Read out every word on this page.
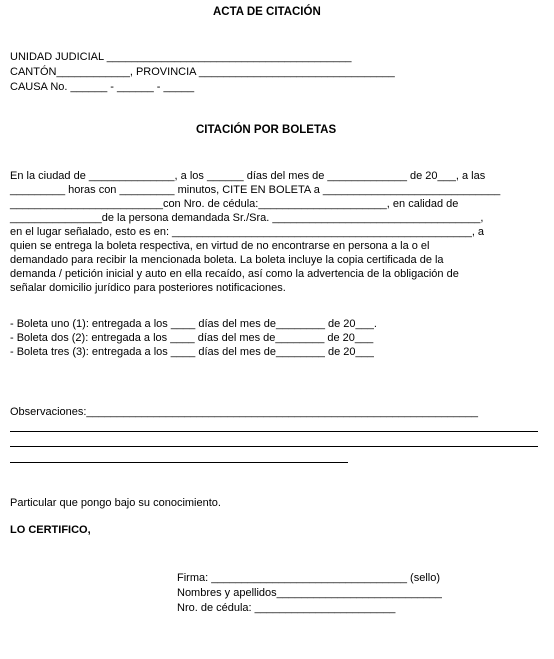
ACTA DE CITACIÓN
UNIDAD JUDICIAL ________________________________________
CANTÓN____________, PROVINCIA ________________________________
CAUSA No. ______ - ______ - _____
CITACIÓN POR BOLETAS
En la ciudad de ______________, a los ______ días del mes de _____________ de 20___, a las
_________ horas con _________ minutos, CITE EN BOLETA a _____________________________
_________________________con Nro. de cédula:_____________________, en calidad de
_______________de la persona demandada Sr./Sra. __________________________________,
en el lugar señalado, esto es en: _________________________________________________, a
quien se entrega la boleta respectiva, en virtud de no encontrarse en persona a la o el
demandado para recibir la mencionada boleta. La boleta incluye la copia certificada de la
demanda / petición inicial y auto en ella recaído, así como la advertencia de la obligación de
señalar domicilio jurídico para posteriores notificaciones.
- Boleta uno (1): entregada a los ____ días del mes de________ de 20___.
- Boleta dos (2): entregada a los ____ días del mes de________ de 20___
- Boleta tres (3): entregada a los ____ días del mes de________ de 20___
Observaciones:________________________________________________________________
Particular que pongo bajo su conocimiento.
LO CERTIFICO,
Firma: ________________________________ (sello)
Nombres y apellidos___________________________
Nro. de cédula: _______________________
